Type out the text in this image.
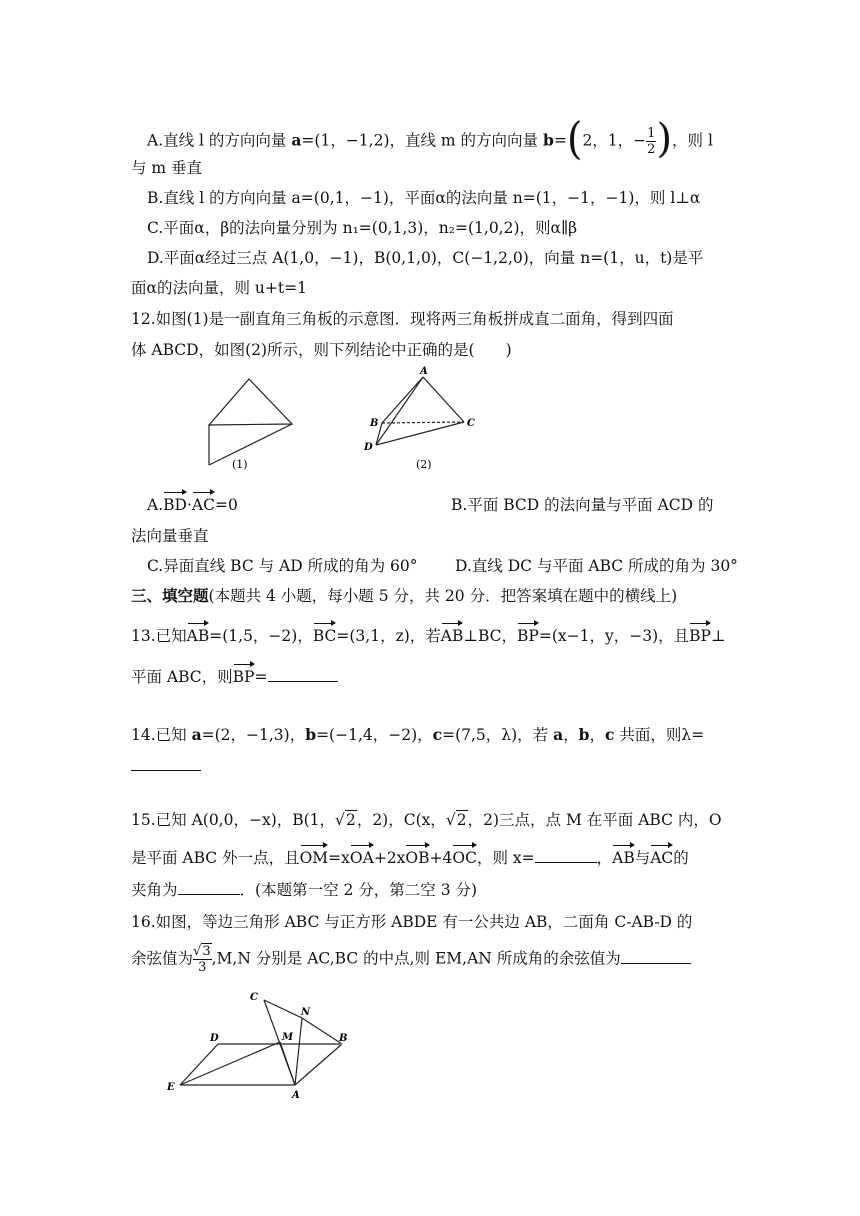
A.直线 l 的方向向量 a=(1，−1,2)，直线 m 的方向向量 b=(2，1，− $\frac{1}{2}$ )，则 l
与 m 垂直
B.直线 l 的方向向量 a=(0,1，−1)，平面α的法向量 n=(1，−1，−1)，则 l⊥α
C.平面α，β的法向量分别为 n₁=(0,1,3)，n₂=(1,0,2)，则α∥β
D.平面α经过三点 A(1,0，−1)，B(0,1,0)，C(−1,2,0)，向量 n=(1，u，t)是平
面α的法向量，则 u+t=1
12.如图(1)是一副直角三角板的示意图．现将两三角板拼成直二面角，得到四面
体 ABCD，如图(2)所示，则下列结论中正确的是(　　)
(1)
A
B	C
D
(2)
A.BD·AC=0	B.平面 BCD 的法向量与平面 ACD 的
法向量垂直
C.异面直线 BC 与 AD 所成的角为 60° D.直线 DC 与平面 ABC 所成的角为 30°
三、填空题(本题共 4 小题，每小题 5 分，共 20 分．把答案填在题中的横线上)
13.已知AB=(1,5，−2)，BC=(3,1，z)，若AB⊥BC，BP=(x−1，y，−3)，且BP⊥
平面 ABC，则BP=
14.已知 a=(2，−1,3)，b=(−1,4，−2)，c=(7,5，λ)，若 a，b，c 共面，则λ=
15.已知 A(0,0，−x)，B(1，√2，2)，C(x，√2，2)三点，点 M 在平面 ABC 内，O
是平面 ABC 外一点，且OM=xOA+2xOB+4OC，则 x=	，AB与AC的
夹角为	．(本题第一空 2 分，第二空 3 分)
16.如图，等边三角形 ABC 与正方形 ABDE 有一公共边 AB，二面角 C-AB-D 的
余弦值为 $\frac{√3}{3} ,M,N$ 分别是 AC,BC 的中点,则 EM,AN 所成角的余弦值为
C
N
D	M	B
E
A
